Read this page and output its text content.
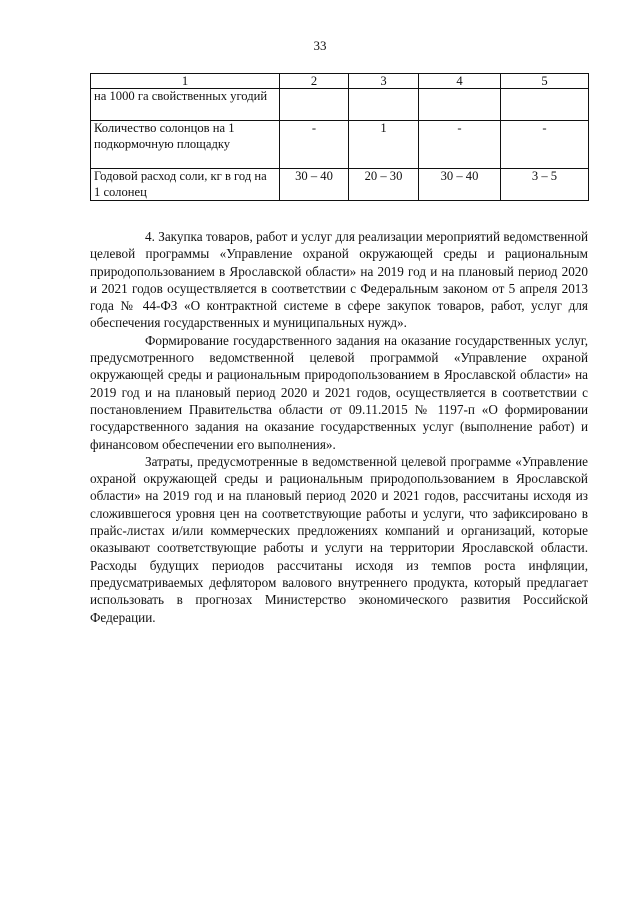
33
1	2	3	4	5
на 1000 га свойственных угодий				
Количество солонцов на 1 подкормочную площадку	-	1	-	-
Годовой расход соли, кг в год на 1 солонец	30 – 40	20 – 30	30 – 40	3 – 5

4. Закупка товаров, работ и услуг для реализации мероприятий ведомственной целевой программы «Управление охраной окружающей среды и рациональным природопользованием в Ярославской области» на 2019 год и на плановый период 2020 и 2021 годов осуществляется в соответствии с Федеральным законом от 5 апреля 2013 года № 44-ФЗ «О контрактной системе в сфере закупок товаров, работ, услуг для обеспечения государственных и муниципальных нужд».

Формирование государственного задания на оказание государственных услуг, предусмотренного ведомственной целевой программой «Управление охраной окружающей среды и рациональным природопользованием в Ярославской области» на 2019 год и на плановый период 2020 и 2021 годов, осуществляется в соответствии с постановлением Правительства области от 09.11.2015 № 1197-п «О формировании государственного задания на оказание государственных услуг (выполнение работ) и финансовом обеспечении его выполнения».

Затраты, предусмотренные в ведомственной целевой программе «Управление охраной окружающей среды и рациональным природопользованием в Ярославской области» на 2019 год и на плановый период 2020 и 2021 годов, рассчитаны исходя из сложившегося уровня цен на соответствующие работы и услуги, что зафиксировано в прайс-листах и/или коммерческих предложениях компаний и организаций, которые оказывают соответствующие работы и услуги на территории Ярославской области. Расходы будущих периодов рассчитаны исходя из темпов роста инфляции, предусматриваемых дефлятором валового внутреннего продукта, который предлагает использовать в прогнозах Министерство экономического развития Российской Федерации.
